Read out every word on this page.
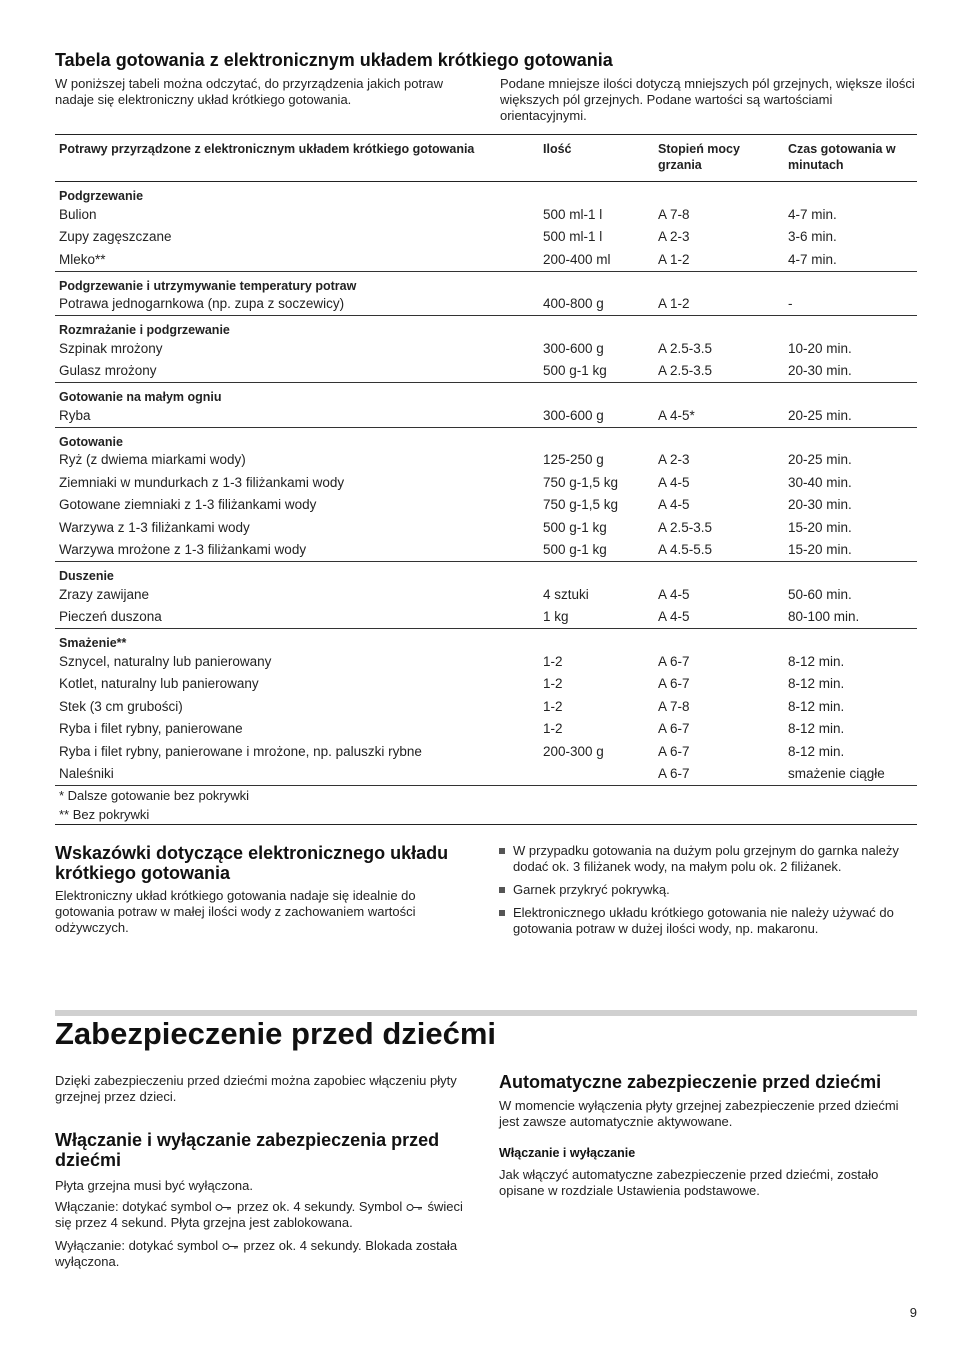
Tabela gotowania z elektronicznym układem krótkiego gotowania

W poniższej tabeli można odczytać, do przyrządzenia jakich potraw nadaje się elektroniczny układ krótkiego gotowania.

Podane mniejsze ilości dotyczą mniejszych pól grzejnych, większe ilości większych pól grzejnych. Podane wartości są wartościami orientacyjnymi.

Potrawy przyrządzone z elektronicznym układem krótkiego gotowania	Ilość	Stopień mocy grzania	Czas gotowania w minutach
Podgrzewanie			
Bulion	500 ml-1 l	A 7-8	4-7 min.
Zupy zagęszczane	500 ml-1 l	A 2-3	3-6 min.
Mleko**	200-400 ml	A 1-2	4-7 min.
Podgrzewanie i utrzymywanie temperatury potraw			
Potrawa jednogarnkowa (np. zupa z soczewicy)	400-800 g	A 1-2	-
Rozmrażanie i podgrzewanie			
Szpinak mrożony	300-600 g	A 2.5-3.5	10-20 min.
Gulasz mrożony	500 g-1 kg	A 2.5-3.5	20-30 min.
Gotowanie na małym ogniu			
Ryba	300-600 g	A 4-5*	20-25 min.
Gotowanie			
Ryż (z dwiema miarkami wody)	125-250 g	A 2-3	20-25 min.
Ziemniaki w mundurkach z 1-3 filiżankami wody	750 g-1,5 kg	A 4-5	30-40 min.
Gotowane ziemniaki z 1-3 filiżankami wody	750 g-1,5 kg	A 4-5	20-30 min.
Warzywa z 1-3 filiżankami wody	500 g-1 kg	A 2.5-3.5	15-20 min.
Warzywa mrożone z 1-3 filiżankami wody	500 g-1 kg	A 4.5-5.5	15-20 min.
Duszenie			
Zrazy zawijane	4 sztuki	A 4-5	50-60 min.
Pieczeń duszona	1 kg	A 4-5	80-100 min.
Smażenie**			
Sznycel, naturalny lub panierowany	1-2	A 6-7	8-12 min.
Kotlet, naturalny lub panierowany	1-2	A 6-7	8-12 min.
Stek (3 cm grubości)	1-2	A 7-8	8-12 min.
Ryba i filet rybny, panierowane	1-2	A 6-7	8-12 min.
Ryba i filet rybny, panierowane i mrożone, np. paluszki rybne	200-300 g	A 6-7	8-12 min.
Naleśniki		A 6-7	smażenie ciągłe
* Dalsze gotowanie bez pokrywki			
** Bez pokrywki			
Wskazówki dotyczące elektronicznego układu krótkiego gotowania

Elektroniczny układ krótkiego gotowania nadaje się idealnie do gotowania potraw w małej ilości wody z zachowaniem wartości odżywczych.

W przypadku gotowania na dużym polu grzejnym do garnka należy dodać ok. 3 filiżanek wody, na małym polu ok. 2 filiżanek.
Garnek przykryć pokrywką.
Elektronicznego układu krótkiego gotowania nie należy używać do gotowania potraw w dużej ilości wody, np. makaronu.
Zabezpieczenie przed dziećmi

Dzięki zabezpieczeniu przed dziećmi można zapobiec włączeniu płyty grzejnej przez dzieci.

Włączanie i wyłączanie zabezpieczenia przed dziećmi

Płyta grzejna musi być wyłączona.

Włączanie: dotykać symbol  przez ok. 4 sekundy. Symbol  świeci się przez 4 sekund. Płyta grzejna jest zablokowana.

Wyłączanie: dotykać symbol  przez ok. 4 sekundy. Blokada została wyłączona.

Automatyczne zabezpieczenie przed dziećmi

W momencie wyłączenia płyty grzejnej zabezpieczenie przed dziećmi jest zawsze automatycznie aktywowane.

Włączanie i wyłączanie

Jak włączyć automatyczne zabezpieczenie przed dziećmi, zostało opisane w rozdziale Ustawienia podstawowe.

9
